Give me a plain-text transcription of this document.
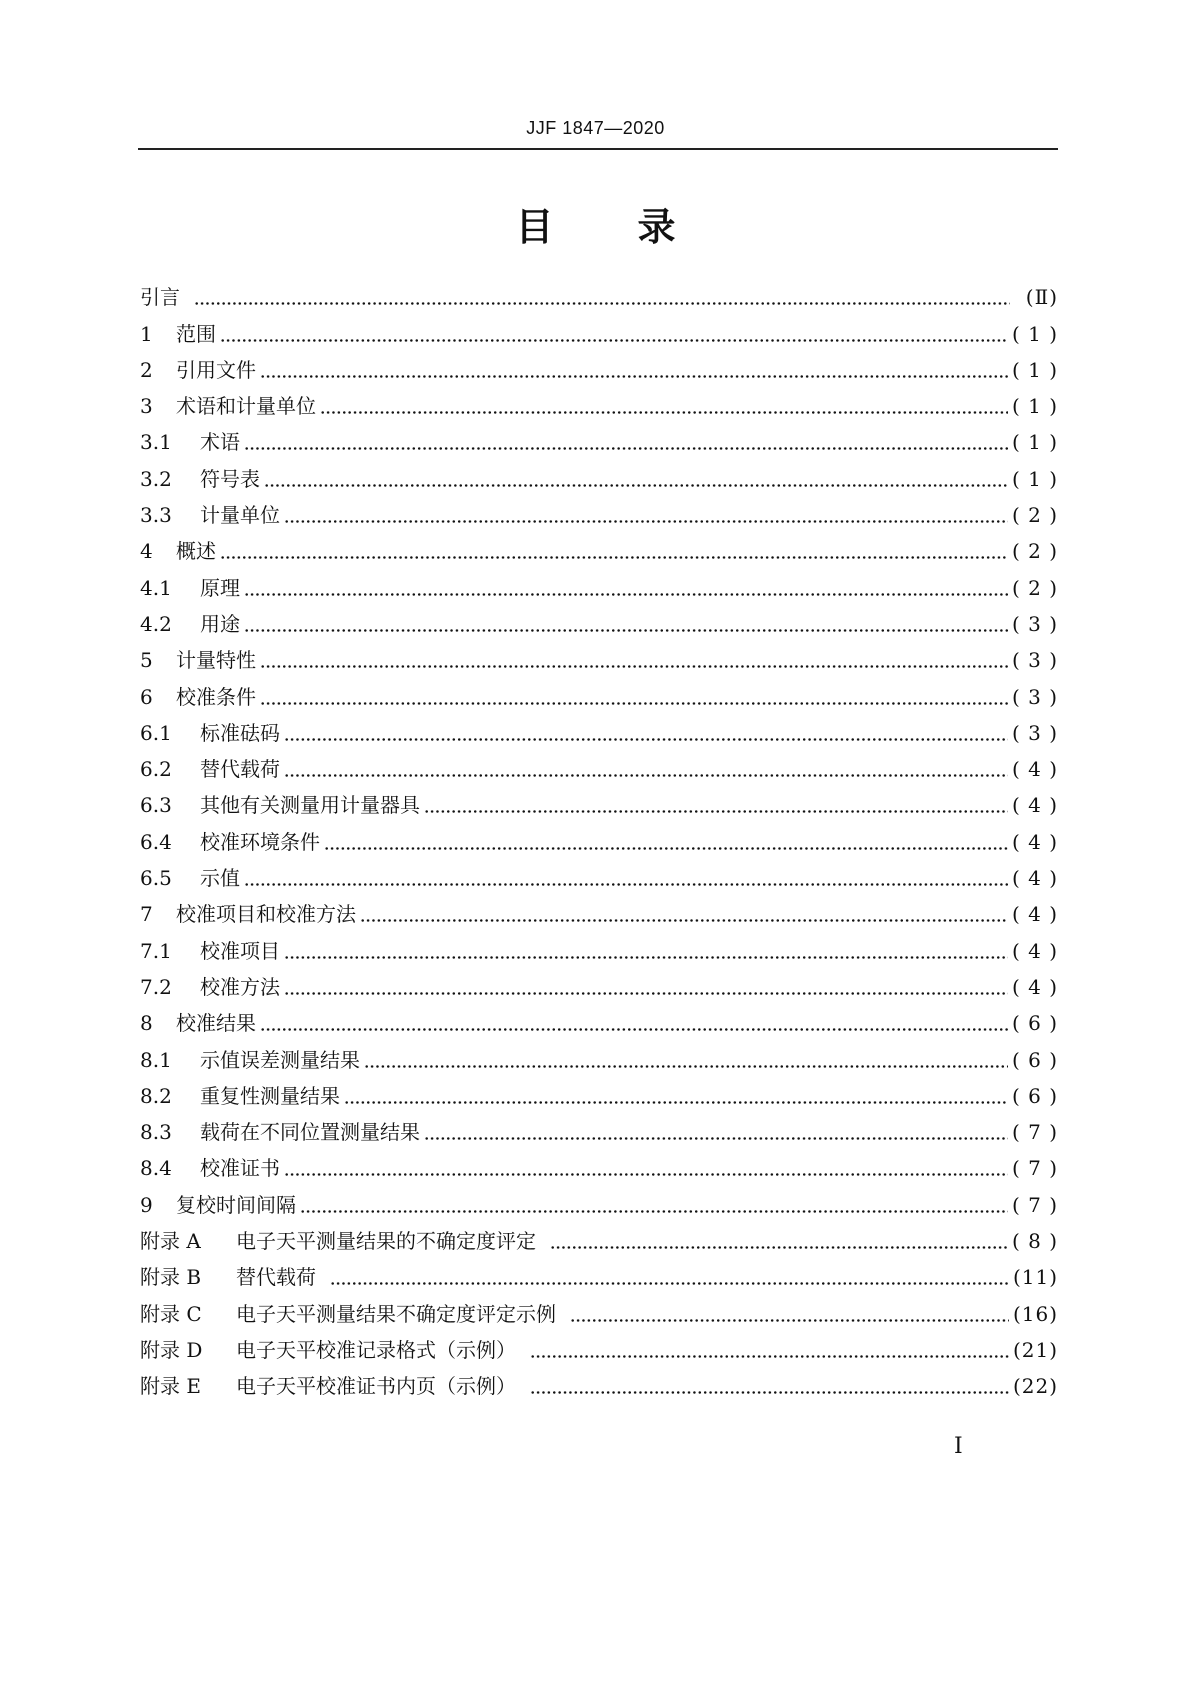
JJF 1847—2020
目 录
引言	(Ⅱ)
1	范围	( 1 )
2	引用文件	( 1 )
3	术语和计量单位	( 1 )
3.1	术语	( 1 )
3.2	符号表	( 1 )
3.3	计量单位	( 2 )
4	概述	( 2 )
4.1	原理	( 2 )
4.2	用途	( 3 )
5	计量特性	( 3 )
6	校准条件	( 3 )
6.1	标准砝码	( 3 )
6.2	替代载荷	( 4 )
6.3	其他有关测量用计量器具	( 4 )
6.4	校准环境条件	( 4 )
6.5	示值	( 4 )
7	校准项目和校准方法	( 4 )
7.1	校准项目	( 4 )
7.2	校准方法	( 4 )
8	校准结果	( 6 )
8.1	示值误差测量结果	( 6 )
8.2	重复性测量结果	( 6 )
8.3	载荷在不同位置测量结果	( 7 )
8.4	校准证书	( 7 )
9	复校时间间隔	( 7 )
附录 A	电子天平测量结果的不确定度评定	( 8 )
附录 B	替代载荷	(11)
附录 C	电子天平测量结果不确定度评定示例	(16)
附录 D	电子天平校准记录格式（示例）	(21)
附录 E	电子天平校准证书内页（示例）	(22)
I
